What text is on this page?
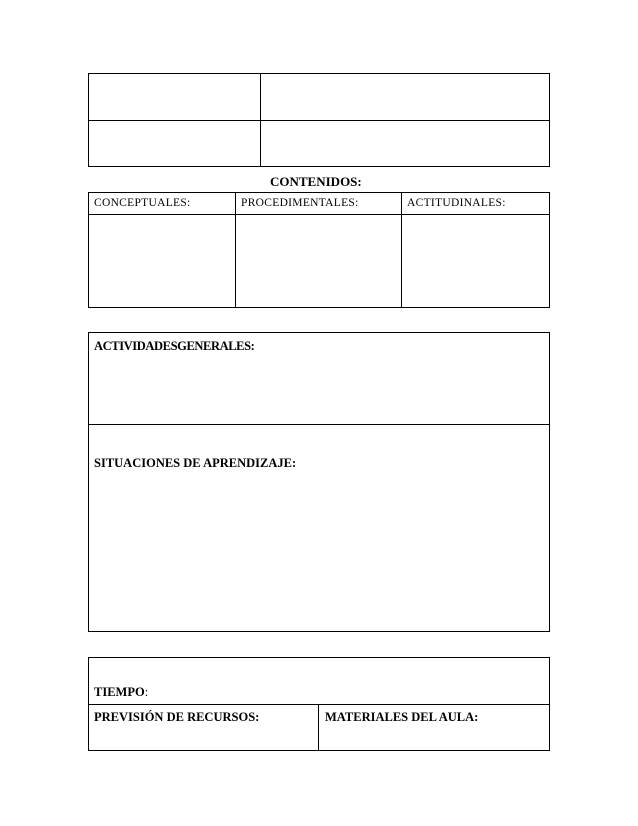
CONTENIDOS:
CONCEPTUALES:	PROCEDIMENTALES:	ACTITUDINALES:
ACTIVIDADESGENERALES:
SITUACIONES DE APRENDIZAJE:
TIEMPO:
PREVISIÓN DE RECURSOS:	MATERIALES DEL AULA:
